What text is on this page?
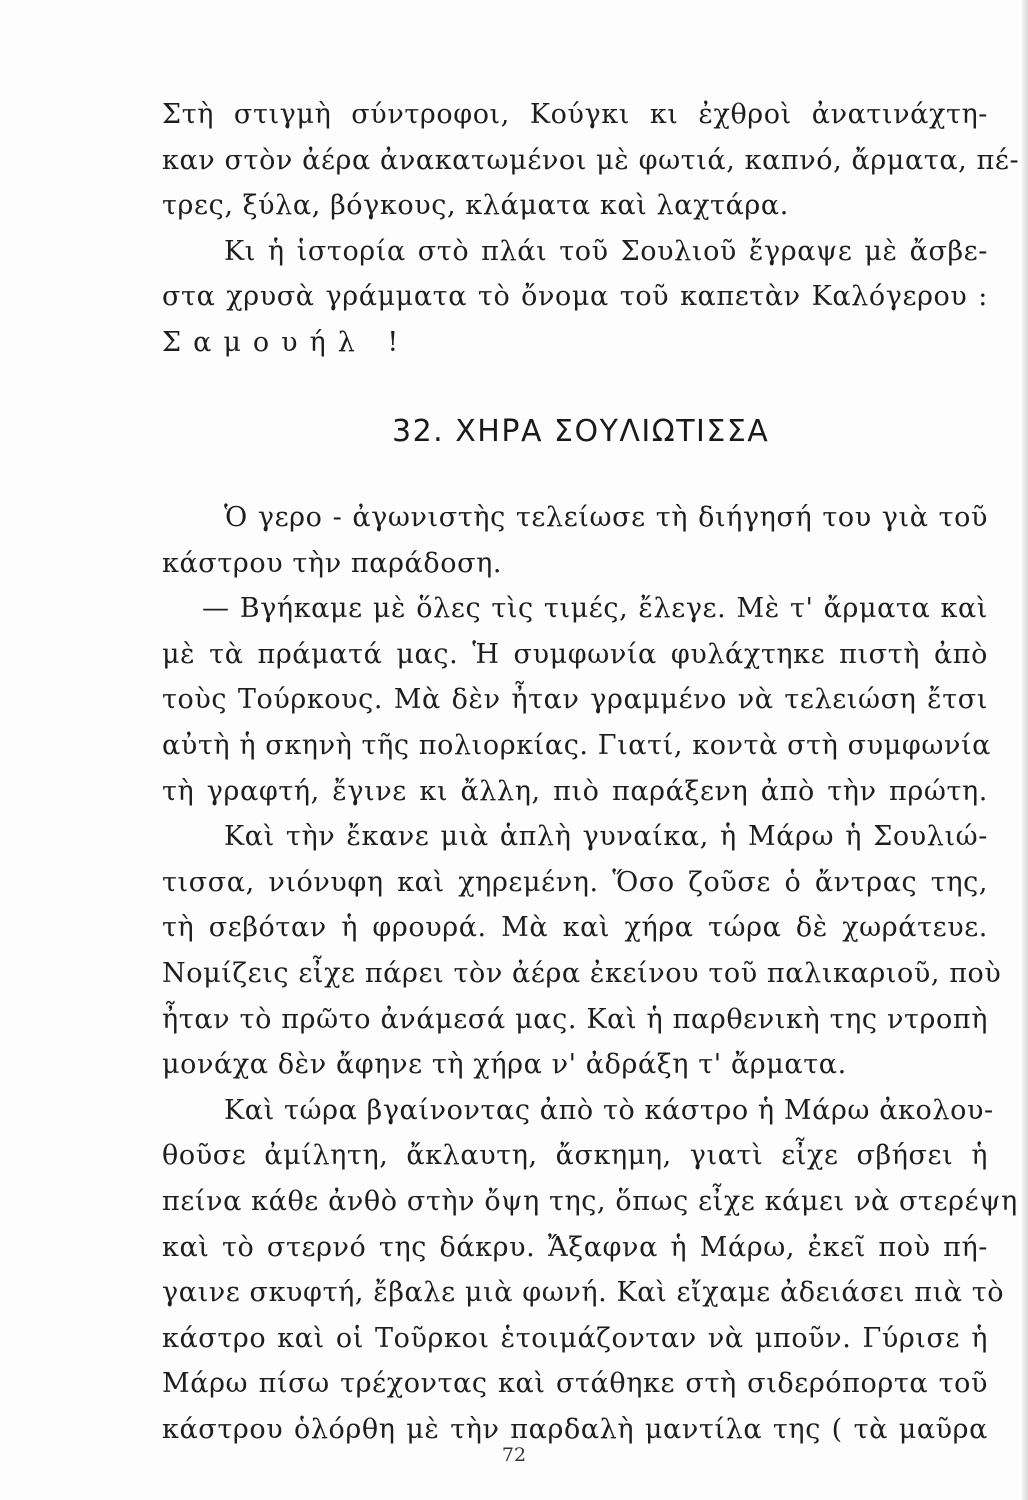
Στὴ στιγμὴ σύντροφοι, Κούγκι κι ἐχθροὶ ἀνατινάχτη-
καν στὸν ἀέρα ἀνακατωμένοι μὲ φωτιά, καπνό, ἄρματα, πέ-
τρες, ξύλα, βόγκους, κλάματα καὶ λαχτάρα.
Κι ἡ ἱστορία στὸ πλάι τοῦ Σουλιοῦ ἔγραψε μὲ ἄσβε-
στα χρυσὰ γράμματα τὸ ὄνομα τοῦ καπετὰν Καλόγερου :
Σαμουήλ !
32. ΧΗΡΑ ΣΟΥΛΙΩΤΙΣΣΑ
Ὁ γερο - ἀγωνιστὴς τελείωσε τὴ διήγησή του γιὰ τοῦ
κάστρου τὴν παράδοση.
— Βγήκαμε μὲ ὅλες τὶς τιμές, ἔλεγε. Μὲ τ' ἄρματα καὶ
μὲ τὰ πράματά μας. Ἡ συμφωνία φυλάχτηκε πιστὴ ἀπὸ
τοὺς Τούρκους. Μὰ δὲν ἦταν γραμμένο νὰ τελειώση ἔτσι
αὐτὴ ἡ σκηνὴ τῆς πολιορκίας. Γιατί, κοντὰ στὴ συμφωνία
τὴ γραφτή, ἔγινε κι ἄλλη, πιὸ παράξενη ἀπὸ τὴν πρώτη.
Καὶ τὴν ἔκανε μιὰ ἁπλὴ γυναίκα, ἡ Μάρω ἡ Σουλιώ-
τισσα, νιόνυφη καὶ χηρεμένη. Ὅσο ζοῦσε ὁ ἄντρας της,
τὴ σεβόταν ἡ φρουρά. Μὰ καὶ χήρα τώρα δὲ χωράτευε.
Νομίζεις εἶχε πάρει τὸν ἀέρα ἐκείνου τοῦ παλικαριοῦ, ποὺ
ἦταν τὸ πρῶτο ἀνάμεσά μας. Καὶ ἡ παρθενικὴ της ντροπὴ
μονάχα δὲν ἄφηνε τὴ χήρα ν' ἀδράξη τ' ἄρματα.
Καὶ τώρα βγαίνοντας ἀπὸ τὸ κάστρο ἡ Μάρω ἀκολου-
θοῦσε ἀμίλητη, ἄκλαυτη, ἄσκημη, γιατὶ εἶχε σβήσει ἡ
πείνα κάθε ἀνθὸ στὴν ὄψη της, ὅπως εἶχε κάμει νὰ στερέψη
καὶ τὸ στερνό της δάκρυ. Ἄξαφνα ἡ Μάρω, ἐκεῖ ποὺ πή-
γαινε σκυφτή, ἔβαλε μιὰ φωνή. Καὶ εἴχαμε ἀδειάσει πιὰ τὸ
κάστρο καὶ οἱ Τοῦρκοι ἑτοιμάζονταν νὰ μποῦν. Γύρισε ἡ
Μάρω πίσω τρέχοντας καὶ στάθηκε στὴ σιδερόπορτα τοῦ
κάστρου ὁλόρθη μὲ τὴν παρδαλὴ μαντίλα της ( τὰ μαῦρα
72
